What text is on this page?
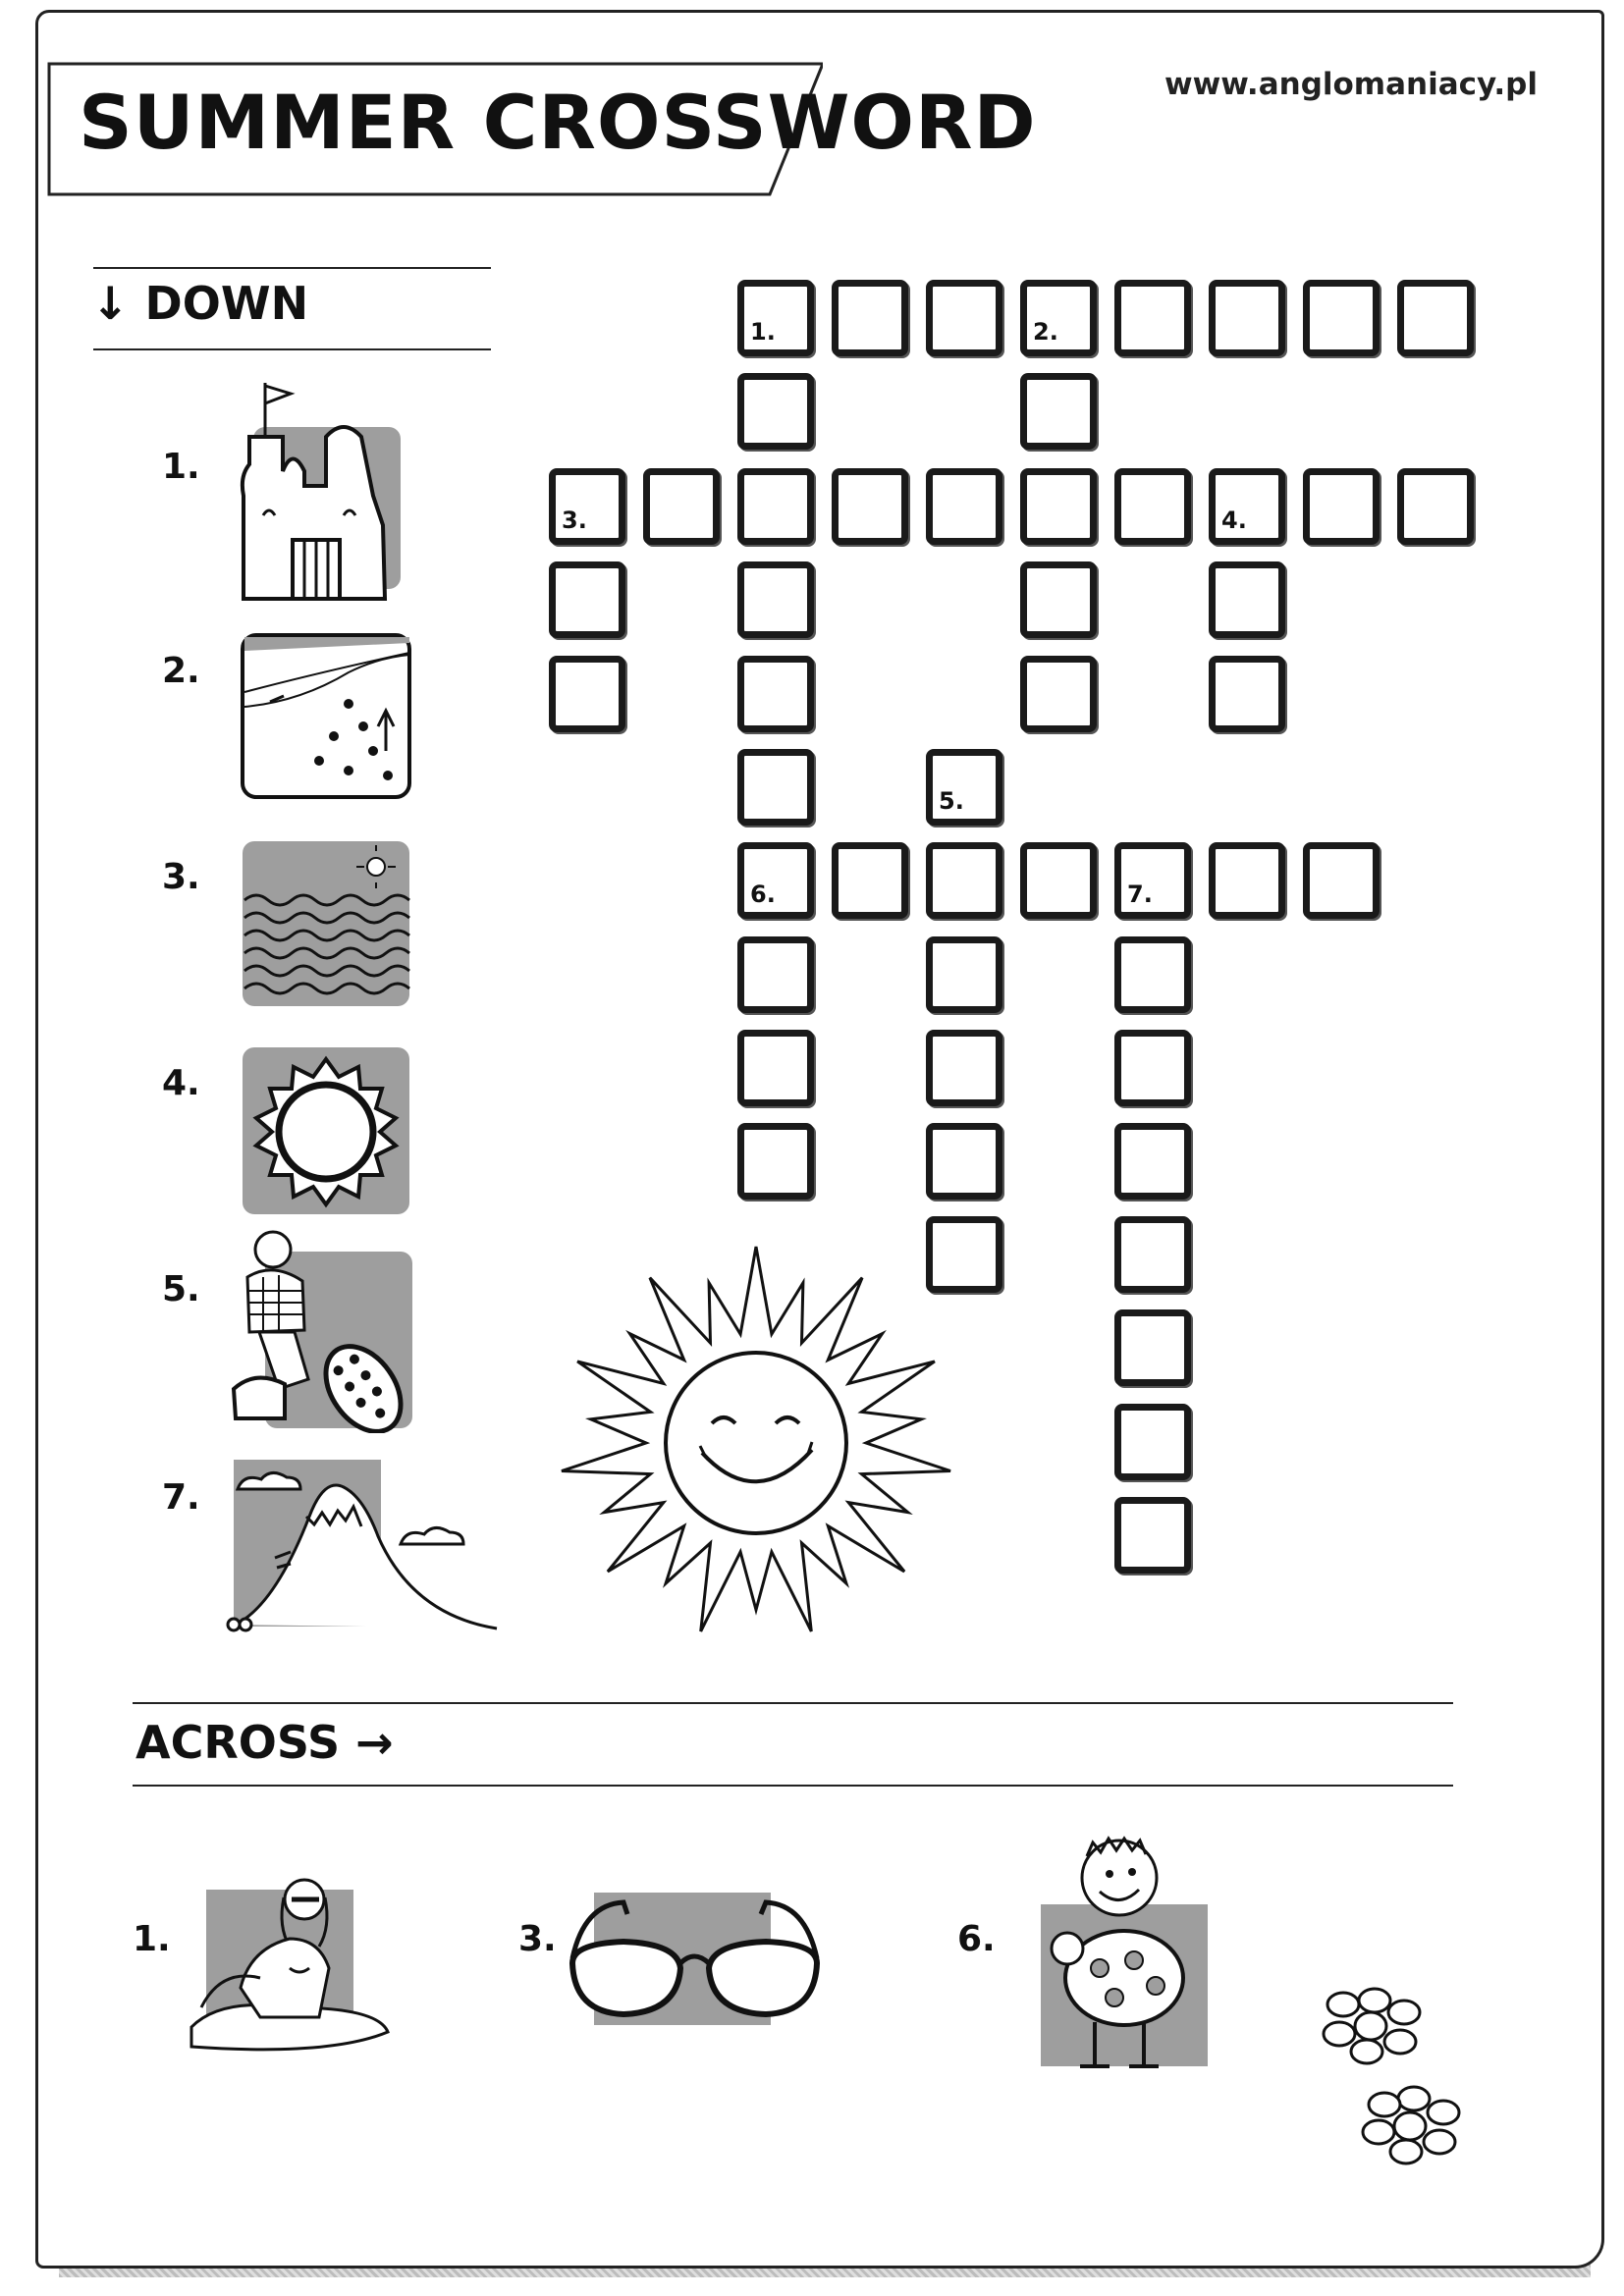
SUMMER CROSSWORD	www.anglomaniacy.pl
↓ DOWN
1.
2.
3.
4.
5.
7.
1.	2.
3.	4.
5.
6.	7.
ACROSS →
1.	3.	6.
